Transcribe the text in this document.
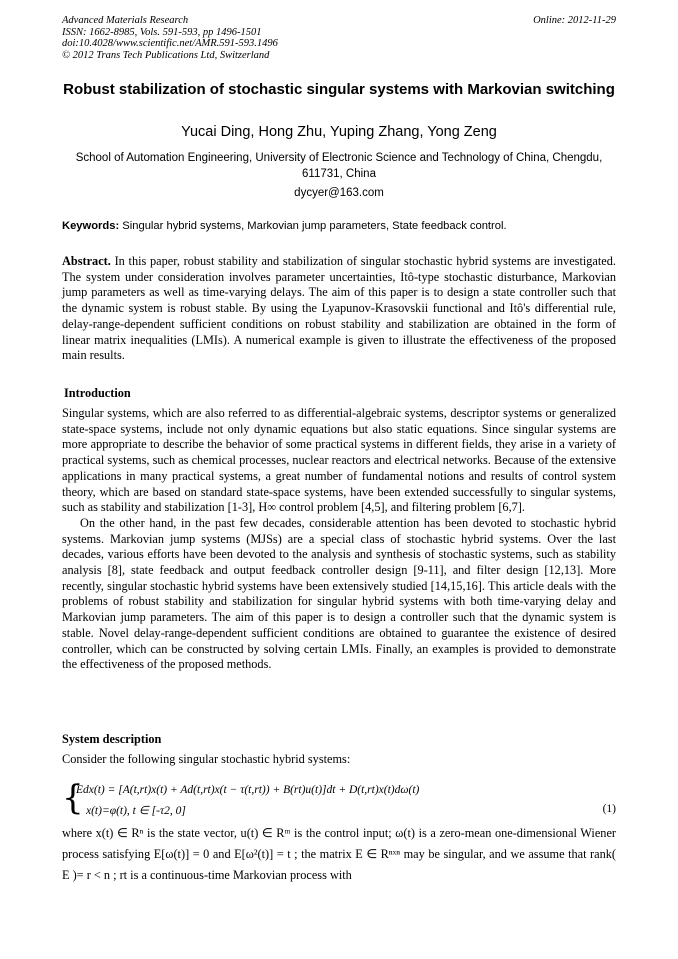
Advanced Materials Research
ISSN: 1662-8985, Vols. 591-593, pp 1496-1501
doi:10.4028/www.scientific.net/AMR.591-593.1496
© 2012 Trans Tech Publications Ltd, Switzerland
Online: 2012-11-29
Robust stabilization of stochastic singular systems with Markovian switching
Yucai Ding, Hong Zhu, Yuping Zhang, Yong Zeng
School of Automation Engineering, University of Electronic Science and Technology of China, Chengdu, 611731, China
dycyer@163.com
Keywords: Singular hybrid systems, Markovian jump parameters, State feedback control.
Abstract. In this paper, robust stability and stabilization of singular stochastic hybrid systems are investigated. The system under consideration involves parameter uncertainties, Itô-type stochastic disturbance, Markovian jump parameters as well as time-varying delays. The aim of this paper is to design a state controller such that the dynamic system is robust stable. By using the Lyapunov-Krasovskii functional and Itô's differential rule, delay-range-dependent sufficient conditions on robust stability and stabilization are obtained in the form of linear matrix inequalities (LMIs). A numerical example is given to illustrate the effectiveness of the proposed main results.
Introduction

Singular systems, which are also referred to as differential-algebraic systems, descriptor systems or generalized state-space systems, include not only dynamic equations but also static equations. Since singular systems are more appropriate to describe the behavior of some practical systems in different fields, they arise in a variety of practical systems, such as chemical processes, nuclear reactors and electrical networks. Because of the extensive applications in many practical systems, a great number of fundamental notions and results of control system theory, which are based on standard state-space systems, have been extended successfully to singular systems, such as stability and stabilization [1-3], H∞ control problem [4,5], and filtering problem [6,7].

On the other hand, in the past few decades, considerable attention has been devoted to stochastic hybrid systems. Markovian jump systems (MJSs) are a special class of stochastic hybrid systems. Over the last decades, various efforts have been devoted to the analysis and synthesis of stochastic systems, such as stability analysis [8], state feedback and output feedback controller design [9-11], and filter design [12,13]. More recently, singular stochastic hybrid systems have been extensively studied [14,15,16]. This article deals with the problems of robust stability and stabilization for singular hybrid systems with both time-varying delay and Markovian jump parameters. The aim of this paper is to design a controller such that the dynamic system is stable. Novel delay-range-dependent sufficient conditions are obtained to guarantee the existence of desired controller, which can be constructed by solving certain LMIs. Finally, an examples is provided to demonstrate the effectiveness of the proposed methods.

System description
Consider the following singular stochastic hybrid systems:
{
Edx(t) = [A(t,rt)x(t) + Ad(t,rt)x(t − τ(t,rt)) + B(rt)u(t)]dt + D(t,rt)x(t)dω(t)
x(t)=φ(t), t ∈ [-τ2, 0]	(1)
where x(t) ∈ Rⁿ is the state vector, u(t) ∈ Rᵐ is the control input; ω(t) is a zero-mean one-dimensional Wiener process satisfying E[ω(t)] = 0 and E[ω²(t)] = t ; the matrix E ∈ Rⁿˣⁿ may be singular, and we assume that rank( E )= r < n ; rt is a continuous-time Markovian process with
